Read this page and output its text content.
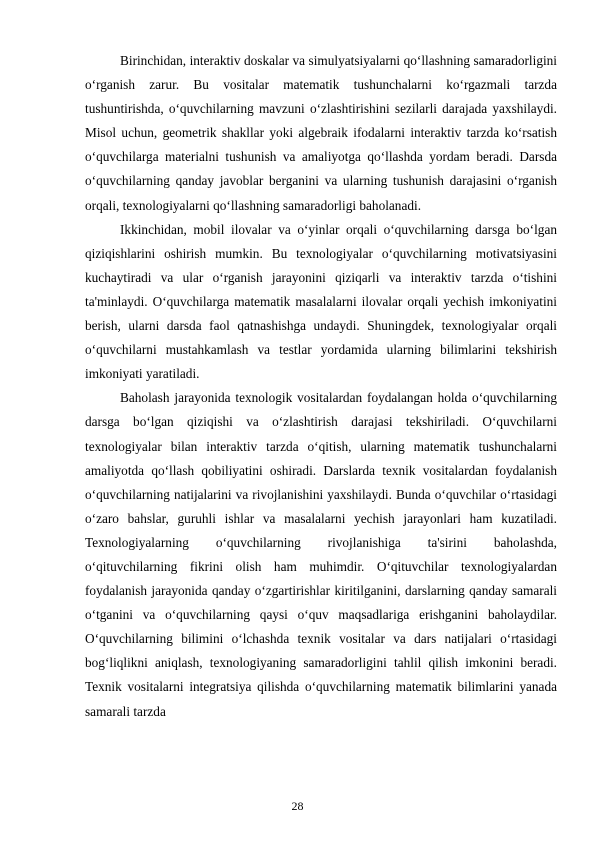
Birinchidan, interaktiv doskalar va simulyatsiyalarni qo‘llashning samaradorligini o‘rganish zarur. Bu vositalar matematik tushunchalarni ko‘rgazmali tarzda tushuntirishda, o‘quvchilarning mavzuni o‘zlashtirishini sezilarli darajada yaxshilaydi. Misol uchun, geometrik shakllar yoki algebraik ifodalarni interaktiv tarzda ko‘rsatish o‘quvchilarga materialni tushunish va amaliyotga qo‘llashda yordam beradi. Darsda o‘quvchilarning qanday javoblar berganini va ularning tushunish darajasini o‘rganish orqali, texnologiyalarni qo‘llashning samaradorligi baholanadi.

Ikkinchidan, mobil ilovalar va o‘yinlar orqali o‘quvchilarning darsga bo‘lgan qiziqishlarini oshirish mumkin. Bu texnologiyalar o‘quvchilarning motivatsiyasini kuchaytiradi va ular o‘rganish jarayonini qiziqarli va interaktiv tarzda o‘tishini ta'minlaydi. O‘quvchilarga matematik masalalarni ilovalar orqali yechish imkoniyatini berish, ularni darsda faol qatnashishga undaydi. Shuningdek, texnologiyalar orqali o‘quvchilarni mustahkamlash va testlar yordamida ularning bilimlarini tekshirish imkoniyati yaratiladi.

Baholash jarayonida texnologik vositalardan foydalangan holda o‘quvchilarning darsga bo‘lgan qiziqishi va o‘zlashtirish darajasi tekshiriladi. O‘quvchilarni texnologiyalar bilan interaktiv tarzda o‘qitish, ularning matematik tushunchalarni amaliyotda qo‘llash qobiliyatini oshiradi. Darslarda texnik vositalardan foydalanish o‘quvchilarning natijalarini va rivojlanishini yaxshilaydi. Bunda o‘quvchilar o‘rtasidagi o‘zaro bahslar, guruhli ishlar va masalalarni yechish jarayonlari ham kuzatiladi. Texnologiyalarning o‘quvchilarning rivojlanishiga ta'sirini baholashda, o‘qituvchilarning fikrini olish ham muhimdir. O‘qituvchilar texnologiyalardan foydalanish jarayonida qanday o‘zgartirishlar kiritilganini, darslarning qanday samarali o‘tganini va o‘quvchilarning qaysi o‘quv maqsadlariga erishganini baholaydilar. O‘quvchilarning bilimini o‘lchashda texnik vositalar va dars natijalari o‘rtasidagi bog‘liqlikni aniqlash, texnologiyaning samaradorligini tahlil qilish imkonini beradi. Texnik vositalarni integratsiya qilishda o‘quvchilarning matematik bilimlarini yanada samarali tarzda

28
